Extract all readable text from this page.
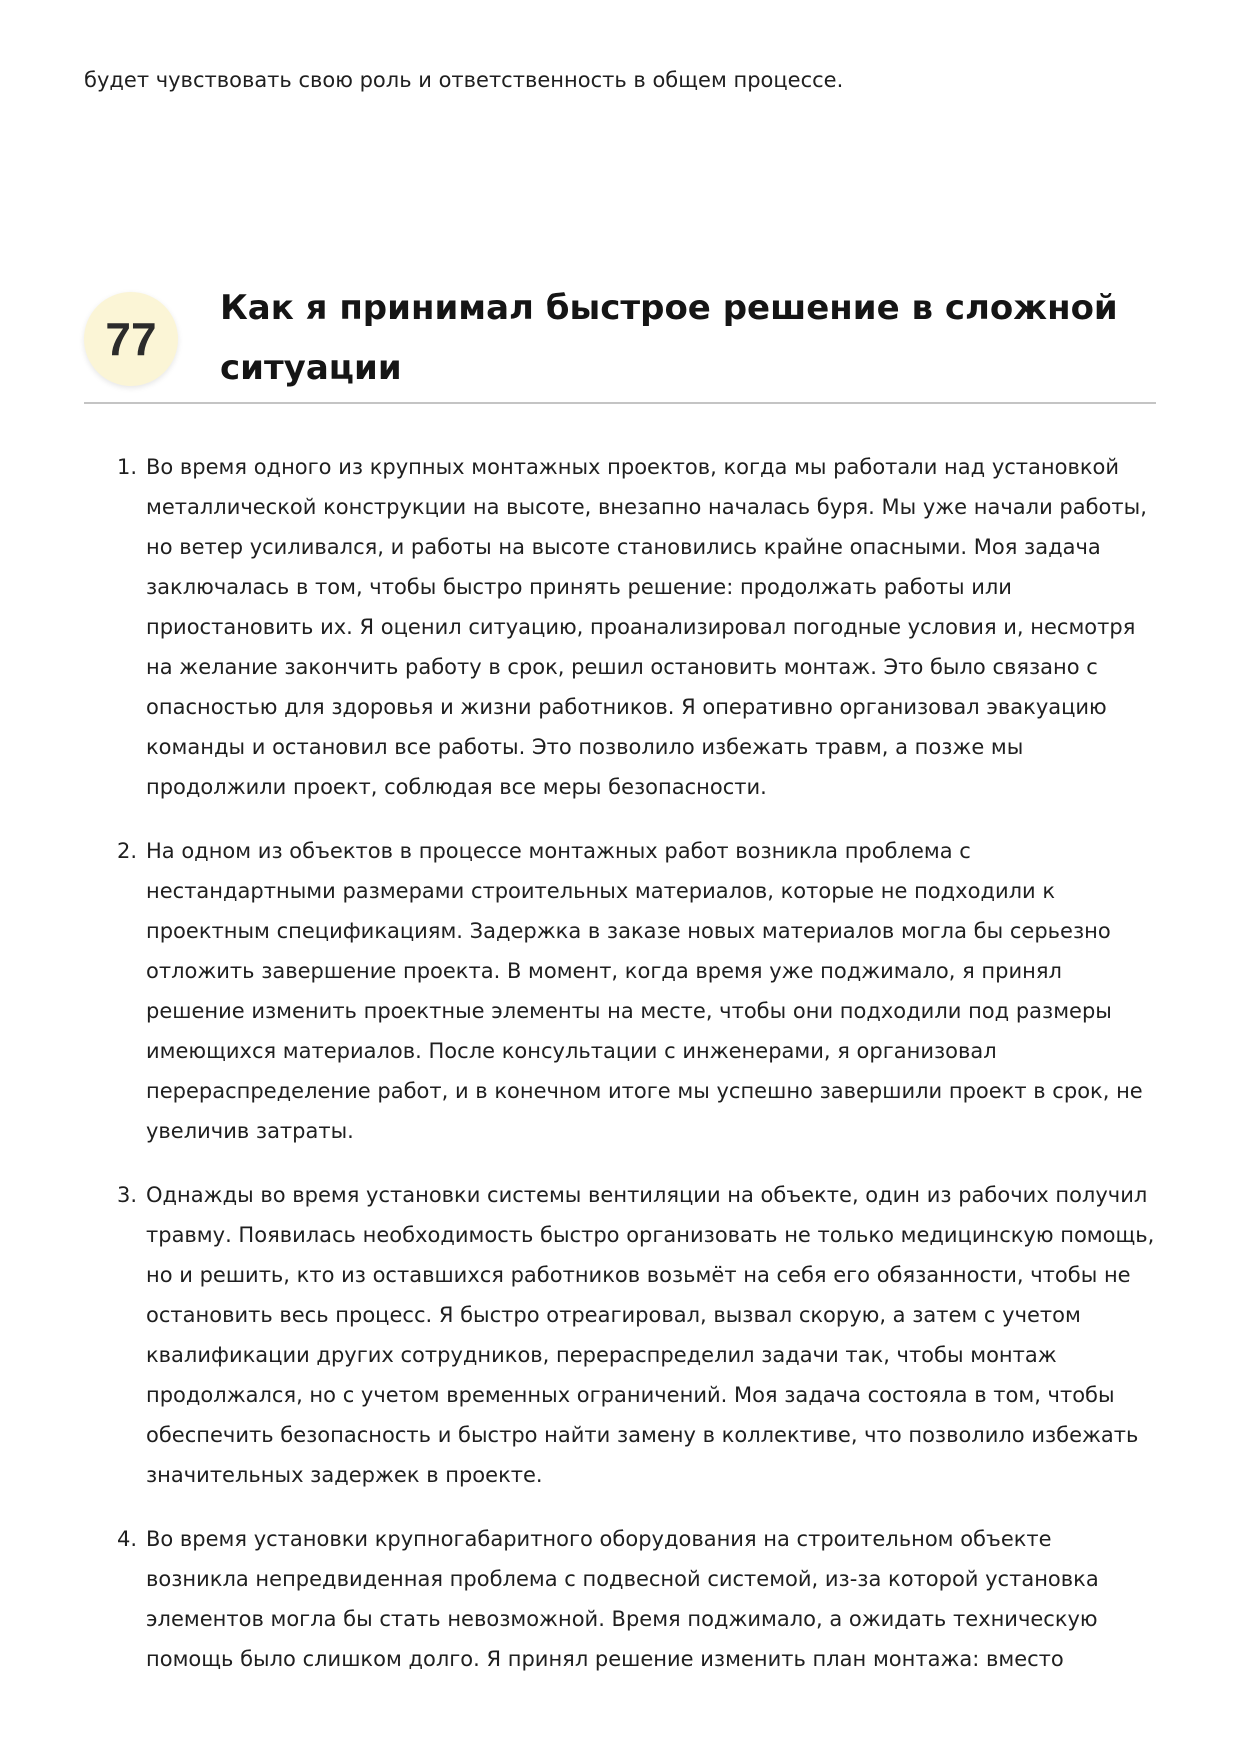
будет чувствовать свою роль и ответственность в общем процессе.

77
Как я принимал быстрое решение в сложной ситуации
1. Во время одного из крупных монтажных проектов, когда мы работали над установкой металлической конструкции на высоте, внезапно началась буря. Мы уже начали работы, но ветер усиливался, и работы на высоте становились крайне опасными. Моя задача заключалась в том, чтобы быстро принять решение: продолжать работы или приостановить их. Я оценил ситуацию, проанализировал погодные условия и, несмотря на желание закончить работу в срок, решил остановить монтаж. Это было связано с опасностью для здоровья и жизни работников. Я оперативно организовал эвакуацию команды и остановил все работы. Это позволило избежать травм, а позже мы продолжили проект, соблюдая все меры безопасности.
2. На одном из объектов в процессе монтажных работ возникла проблема с нестандартными размерами строительных материалов, которые не подходили к проектным спецификациям. Задержка в заказе новых материалов могла бы серьезно отложить завершение проекта. В момент, когда время уже поджимало, я принял решение изменить проектные элементы на месте, чтобы они подходили под размеры имеющихся материалов. После консультации с инженерами, я организовал перераспределение работ, и в конечном итоге мы успешно завершили проект в срок, не увеличив затраты.
3. Однажды во время установки системы вентиляции на объекте, один из рабочих получил травму. Появилась необходимость быстро организовать не только медицинскую помощь, но и решить, кто из оставшихся работников возьмёт на себя его обязанности, чтобы не остановить весь процесс. Я быстро отреагировал, вызвал скорую, а затем с учетом квалификации других сотрудников, перераспределил задачи так, чтобы монтаж продолжался, но с учетом временных ограничений. Моя задача состояла в том, чтобы обеспечить безопасность и быстро найти замену в коллективе, что позволило избежать значительных задержек в проекте.
4. Во время установки крупногабаритного оборудования на строительном объекте возникла непредвиденная проблема с подвесной системой, из-за которой установка элементов могла бы стать невозможной. Время поджимало, а ожидать техническую помощь было слишком долго. Я принял решение изменить план монтажа: вместо
